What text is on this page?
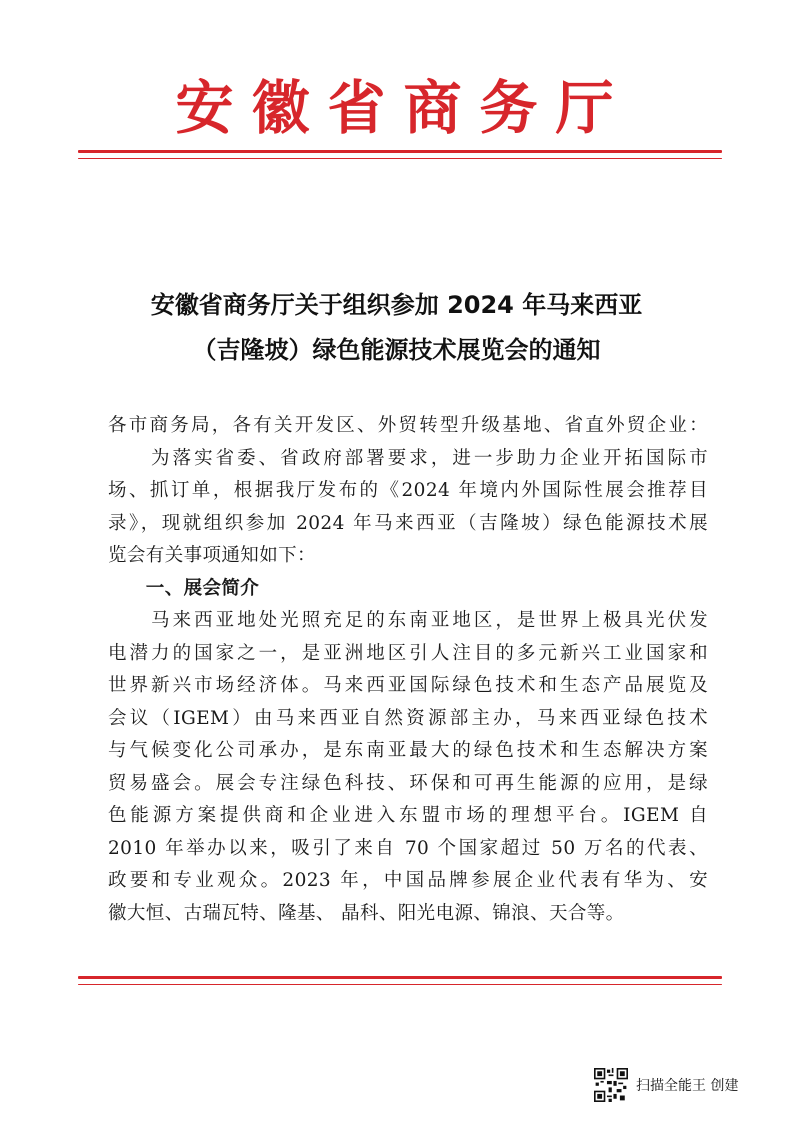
安徽省商务厅
安徽省商务厅关于组织参加 2024 年马来西亚
（吉隆坡）绿色能源技术展览会的通知
各市商务局，各有关开发区、外贸转型升级基地、省直外贸企业：
　　为落实省委、省政府部署要求，进一步助力企业开拓国际市
场、抓订单，根据我厅发布的《2024 年境内外国际性展会推荐目
录》，现就组织参加 2024 年马来西亚（吉隆坡）绿色能源技术展
览会有关事项通知如下：
　　一、展会简介
　　马来西亚地处光照充足的东南亚地区，是世界上极具光伏发
电潜力的国家之一，是亚洲地区引人注目的多元新兴工业国家和
世界新兴市场经济体。马来西亚国际绿色技术和生态产品展览及
会议（IGEM）由马来西亚自然资源部主办，马来西亚绿色技术
与气候变化公司承办，是东南亚最大的绿色技术和生态解决方案
贸易盛会。展会专注绿色科技、环保和可再生能源的应用，是绿
色能源方案提供商和企业进入东盟市场的理想平台。IGEM 自
2010 年举办以来，吸引了来自 70 个国家超过 50 万名的代表、
政要和专业观众。2023 年，中国品牌参展企业代表有华为、安
徽大恒、古瑞瓦特、隆基、 晶科、阳光电源、锦浪、天合等。
扫描全能王 创建
